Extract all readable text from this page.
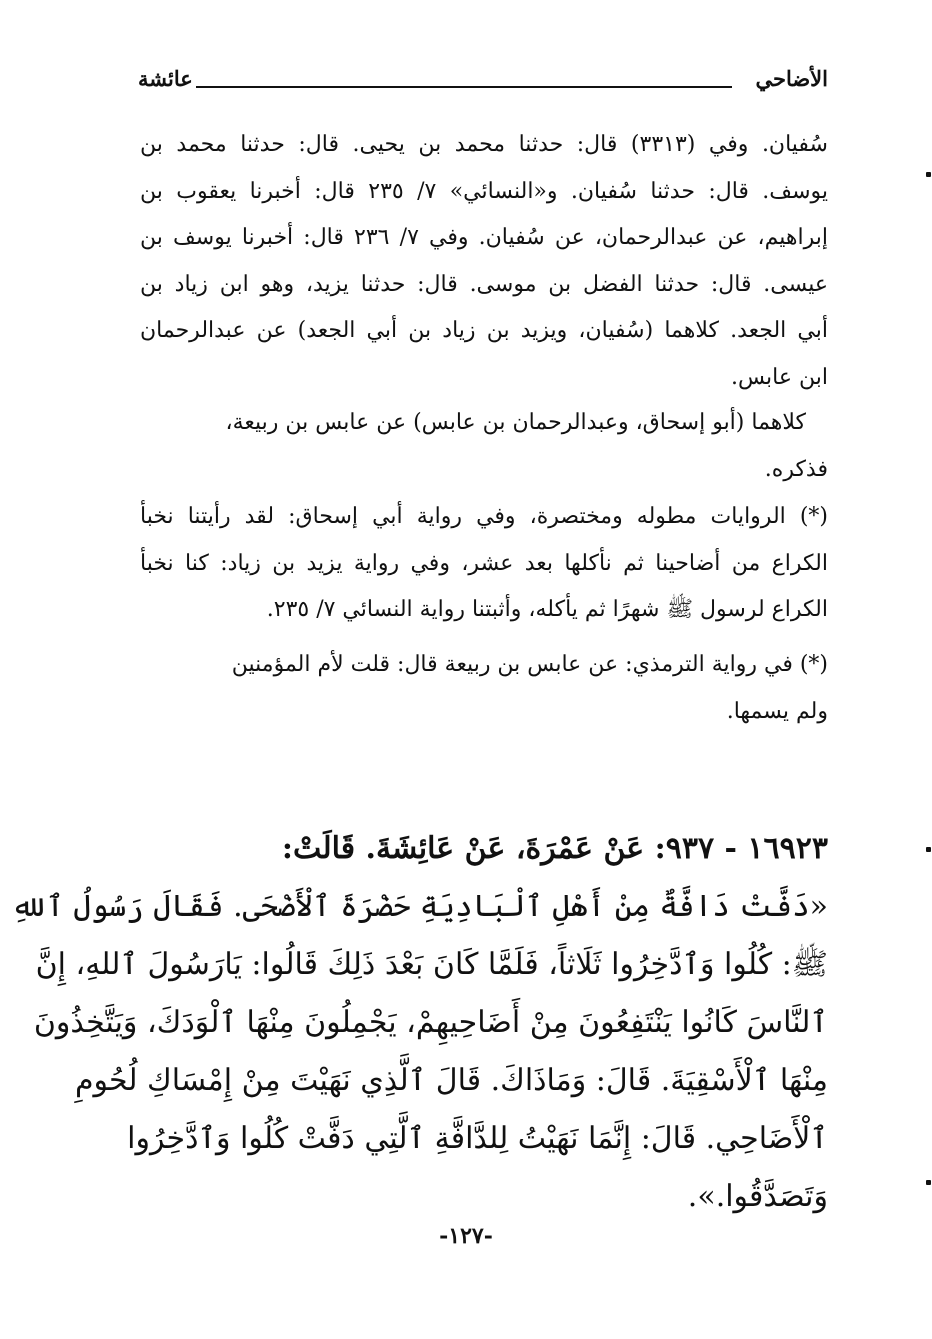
الأضاحي
عائشة
سُفيان. وفي (٣٣١٣) قال: حدثنا محمد بن يحيى. قال: حدثنا محمد بن
يوسف. قال: حدثنا سُفيان. و«النسائي» ٧/ ٢٣٥ قال: أخبرنا يعقوب بن
إبراهيم، عن عبدالرحمان، عن سُفيان. وفي ٧/ ٢٣٦ قال: أخبرنا يوسف بن
عيسى. قال: حدثنا الفضل بن موسى. قال: حدثنا يزيد، وهو ابن زياد بن
أبي الجعد. كلاهما (سُفيان، ويزيد بن زياد بن أبي الجعد) عن عبدالرحمان
ابن عابس.
كلاهما (أبو إسحاق، وعبدالرحمان بن عابس) عن عابس بن ربيعة،
فذكره.
(*) الروايات مطوله ومختصرة، وفي رواية أبي إسحاق: لقد رأيتنا نخبأ
الكراع من أضاحينا ثم نأكلها بعد عشر، وفي رواية يزيد بن زياد: كنا نخبأ
الكراع لرسول ﷺ شهرًا ثم يأكله، وأثبتنا رواية النسائي ٧/ ٢٣٥.
(*) في رواية الترمذي: عن عابس بن ربيعة قال: قلت لأم المؤمنين
ولم يسمها.
١٦٩٢٣ - ٩٣٧: عَنْ عَمْرَةَ، عَنْ عَائِشَةَ. قَالَتْ:
«دَفَّتْ دَافَّةٌ مِنْ أَهْلِ ٱلْبَادِيَةِ حَضْرَةَ ٱلْأَضْحَى. فَقَالَ رَسُولُ ٱللهِ
ﷺ: كُلُوا وَٱدَّخِرُوا ثَلَاثاً، فَلَمَّا كَانَ بَعْدَ ذَلِكَ قَالُوا: يَارَسُولَ ٱللهِ، إِنَّ
ٱلنَّاسَ كَانُوا يَنْتَفِعُونَ مِنْ أَضَاحِيهِمْ، يَجْمِلُونَ مِنْهَا ٱلْوَدَكَ، وَيَتَّخِذُونَ
مِنْهَا ٱلْأَسْقِيَةَ. قَالَ: وَمَاذَاكَ. قَالَ ٱلَّذِي نَهَيْتَ مِنْ إِمْسَاكِ لُحُومِ
ٱلْأَضَاحِي. قَالَ: إِنَّمَا نَهَيْتُ لِلدَّافَّةِ ٱلَّتِي دَفَّتْ كُلُوا وَٱدَّخِرُوا
وَتَصَدَّقُوا.».
-١٢٧-
